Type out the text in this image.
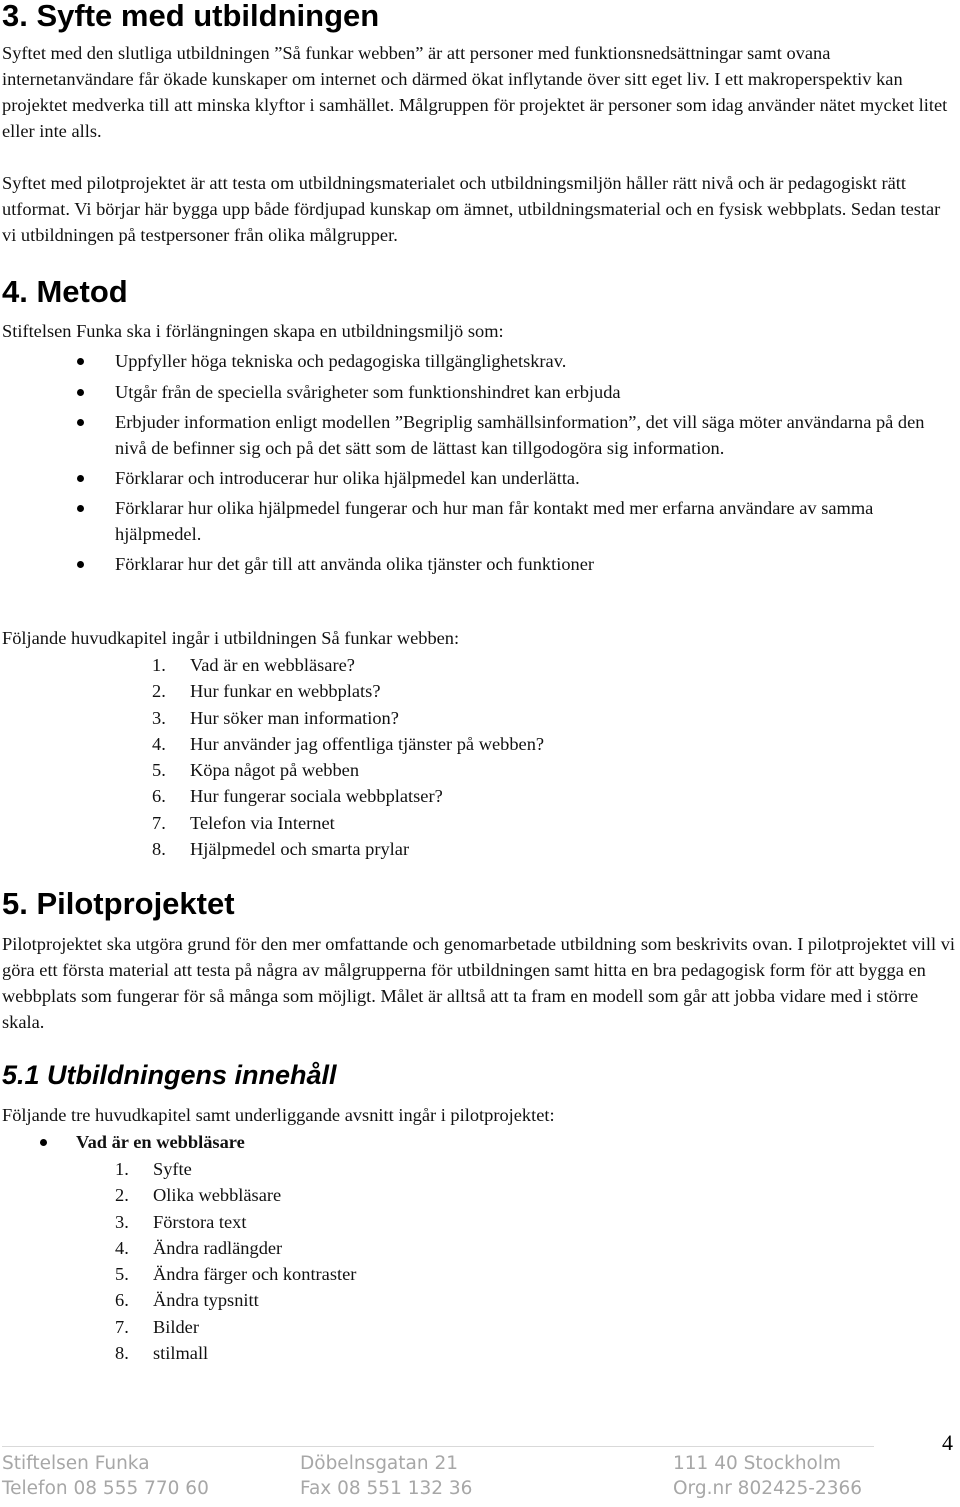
3. Syfte med utbildningen

Syftet med den slutliga utbildningen ”Så funkar webben” är att personer med funktionsnedsättningar samt ovana internetanvändare får ökade kunskaper om internet och därmed ökat inflytande över sitt eget liv. I ett makroperspektiv kan projektet medverka till att minska klyftor i samhället. Målgruppen för projektet är personer som idag använder nätet mycket litet eller inte alls.

Syftet med pilotprojektet är att testa om utbildningsmaterialet och utbildningsmiljön håller rätt nivå och är pedagogiskt rätt utformat. Vi börjar här bygga upp både fördjupad kunskap om ämnet, utbildningsmaterial och en fysisk webbplats. Sedan testar vi utbildningen på testpersoner från olika målgrupper.

4. Metod

Stiftelsen Funka ska i förlängningen skapa en utbildningsmiljö som:

Uppfyller höga tekniska och pedagogiska tillgänglighetskrav.
Utgår från de speciella svårigheter som funktionshindret kan erbjuda
Erbjuder information enligt modellen ”Begriplig samhällsinformation”, det vill säga möter användarna på den nivå de befinner sig och på det sätt som de lättast kan tillgodogöra sig information.
Förklarar och introducerar hur olika hjälpmedel kan underlätta.
Förklarar hur olika hjälpmedel fungerar och hur man får kontakt med mer erfarna användare av samma hjälpmedel.
Förklarar hur det går till att använda olika tjänster och funktioner

Följande huvudkapitel ingår i utbildningen Så funkar webben:

1. Vad är en webbläsare?
2. Hur funkar en webbplats?
3. Hur söker man information?
4. Hur använder jag offentliga tjänster på webben?
5. Köpa något på webben
6. Hur fungerar sociala webbplatser?
7. Telefon via Internet
8. Hjälpmedel och smarta prylar
5. Pilotprojektet

Pilotprojektet ska utgöra grund för den mer omfattande och genomarbetade utbildning som beskrivits ovan. I pilotprojektet vill vi göra ett första material att testa på några av målgrupperna för utbildningen samt hitta en bra pedagogisk form för att bygga en webbplats som fungerar för så många som möjligt. Målet är alltså att ta fram en modell som går att jobba vidare med i större skala.

5.1 Utbildningens innehåll

Följande tre huvudkapitel samt underliggande avsnitt ingår i pilotprojektet:

Vad är en webbläsare
1. Syfte
2. Olika webbläsare
3. Förstora text
4. Ändra radlängder
5. Ändra färger och kontraster
6. Ändra typsnitt
7. Bilder
8. stilmall
Stiftelsen Funka
Telefon 08 555 770 60
Döbelnsgatan 21
Fax 08 551 132 36
111 40 Stockholm
Org.nr 802425-2366
4
